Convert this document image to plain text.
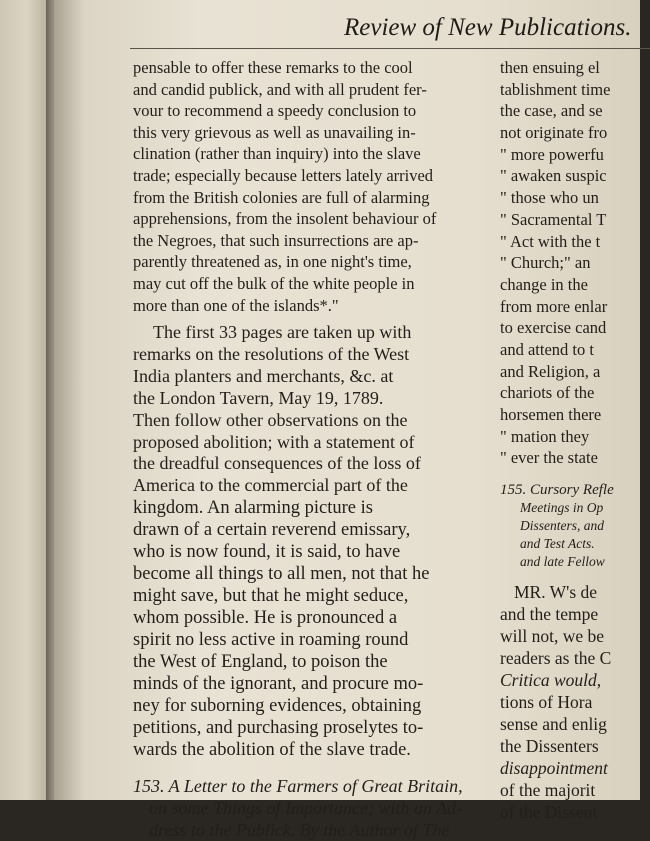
Review of New Publications.
pensable to offer these remarks to the cool
and candid publick, and with all prudent fer-
vour to recommend a speedy conclusion to
this very grievous as well as unavailing in-
clination (rather than inquiry) into the slave
trade; especially because letters lately arrived
from the British colonies are full of alarming
apprehensions, from the insolent behaviour of
the Negroes, that such insurrections are ap-
parently threatened as, in one night's time,
may cut off the bulk of the white people in
more than one of the islands*."
The first 33 pages are taken up with
remarks on the resolutions of the West
India planters and merchants, &c. at
the London Tavern, May 19, 1789.
Then follow other observations on the
proposed abolition; with a statement of
the dreadful consequences of the loss of
America to the commercial part of the
kingdom. An alarming picture is
drawn of a certain reverend emissary,
who is now found, it is said, to have
become all things to all men, not that he
might save, but that he might seduce,
whom possible. He is pronounced a
spirit no less active in roaming round
the West of England, to poison the
minds of the ignorant, and procure mo-
ney for suborning evidences, obtaining
petitions, and purchasing proselytes to-
wards the abolition of the slave trade.
153. A Letter to the Farmers of Great Britain,
on some Things of Importance; with an Ad-
dress to the Publick. By the Author of The
then ensuing el
tablishment time
the case, and se
not originate fro
" more powerfu
" awaken suspic
" those who un
" Sacramental T
" Act with the t
" Church;" an
change in the
from more enlar
to exercise cand
and attend to t
and Religion, a
chariots of the
horsemen there
" mation they
" ever the state
155. Cursory Refle
Meetings in Op
Dissenters, and
and Test Acts.
and late Fellow
MR. W's de
and the tempe
will not, we be
readers as the C
Critica would,
tions of Hora
sense and enlig
the Dissenters
disappointment
of the majorit
of the Dissent
